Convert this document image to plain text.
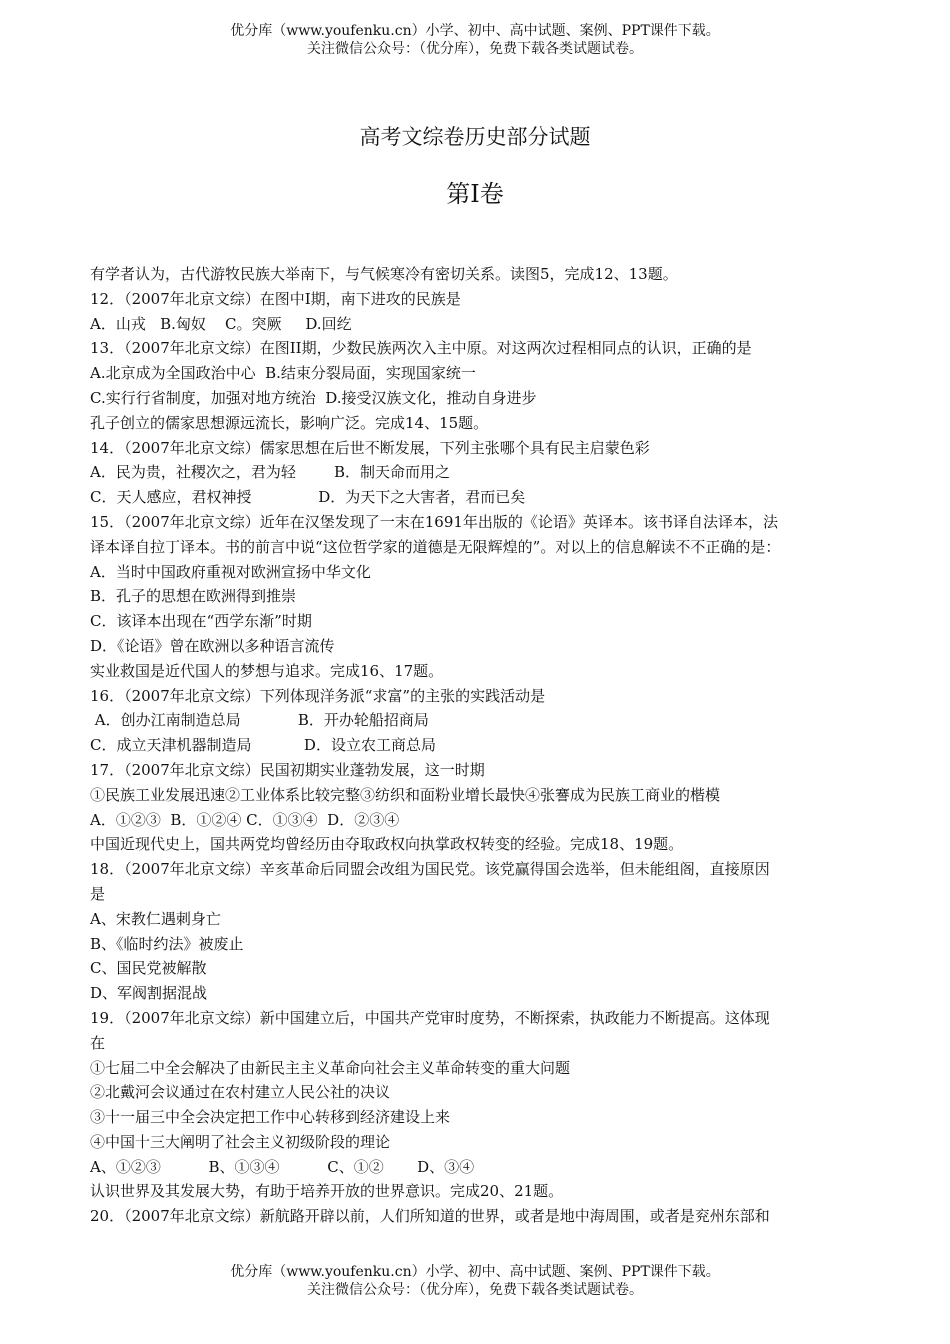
优分库（www.youfenku.cn）小学、初中、高中试题、案例、PPT课件下载。
关注微信公众号：（优分库），免费下载各类试题试卷。
高考文综卷历史部分试题
第I卷
有学者认为，古代游牧民族大举南下，与气候寒冷有密切关系。读图5，完成12、13题。
12．（2007年北京文综）在图中I期，南下进攻的民族是
A．山戎   B.匈奴    C。突厥     D.回纥
13．（2007年北京文综）在图II期，少数民族两次入主中原。对这两次过程相同点的认识，正确的是
A.北京成为全国政治中心  B.结束分裂局面，实现国家统一
C.实行行省制度，加强对地方统治  D.接受汉族文化，推动自身进步
孔子创立的儒家思想源远流长，影响广泛。完成14、15题。
14．（2007年北京文综）儒家思想在后世不断发展，下列主张哪个具有民主启蒙色彩
A．民为贵，社稷次之，君为轻        B．制天命而用之
C．天人感应，君权神授              D．为天下之大害者，君而已矣
15．（2007年北京文综）近年在汉堡发现了一末在1691年出版的《论语》英译本。该书译自法译本，法
译本译自拉丁译本。书的前言中说“这位哲学家的道德是无限辉煌的”。对以上的信息解读不不正确的是：
A．当时中国政府重视对欧洲宣扬中华文化
B．孔子的思想在欧洲得到推崇
C．该译本出现在“西学东渐”时期
D．《论语》曾在欧洲以多种语言流传
实业救国是近代国人的梦想与追求。完成16、17题。
16．（2007年北京文综）下列体现洋务派“求富”的主张的实践活动是
A．创办江南制造总局            B．开办轮船招商局
C．成立天津机器制造局           D．设立农工商总局
17．（2007年北京文综）民国初期实业蓬勃发展，这一时期
①民族工业发展迅速②工业体系比较完整③纺织和面粉业增长最快④张謇成为民族工商业的楷模
A．①②③  B．①②④ C．①③④  D．②③④
中国近现代史上，国共两党均曾经历由夺取政权向执掌政权转变的经验。完成18、19题。
18．（2007年北京文综）辛亥革命后同盟会改组为国民党。该党赢得国会选举，但未能组阁，直接原因
是
A、宋教仁遇刺身亡
B、《临时约法》被废止
C、国民党被解散
D、军阀割据混战
19．（2007年北京文综）新中国建立后，中国共产党审时度势，不断探索，执政能力不断提高。这体现
在
①七届二中全会解决了由新民主主义革命向社会主义革命转变的重大问题
②北戴河会议通过在农村建立人民公社的决议
③十一届三中全会决定把工作中心转移到经济建设上来
④中国十三大阐明了社会主义初级阶段的理论
A、①②③          B、①③④          C、①②       D、③④
认识世界及其发展大势，有助于培养开放的世界意识。完成20、21题。
20．（2007年北京文综）新航路开辟以前，人们所知道的世界，或者是地中海周围，或者是兖州东部和
优分库（www.youfenku.cn）小学、初中、高中试题、案例、PPT课件下载。
关注微信公众号：（优分库），免费下载各类试题试卷。
